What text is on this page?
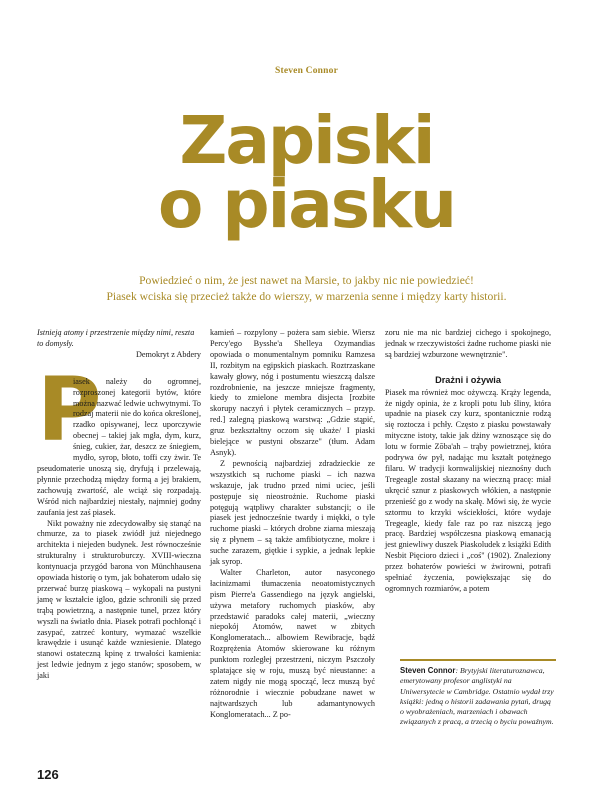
Steven Connor
Zapiski
o piasku
Powiedzieć o nim, że jest nawet na Marsie, to jakby nic nie powiedzieć!
Piasek wciska się przecież także do wierszy, w marzenia senne i między karty historii.

Istnieją atomy i przestrzenie między nimi, reszta to domysły.

Demokryt z Abdery

P
iasek należy do ogromnej, rozproszonej kategorii bytów, które można nazwać ledwie uchwytnymi. To rodzaj materii nie do końca określonej, rzadko opisywanej, lecz uporczywie obecnej – takiej jak mgła, dym, kurz, śnieg, cukier, żar, deszcz ze śniegiem, mydło, syrop, błoto, toffi czy żwir. Te pseudomaterie unoszą się, dryfują i przelewają, płynnie przechodzą między formą a jej brakiem, zachowują zwartość, ale wciąż się rozpadają. Wśród nich najbardziej niestały, najmniej godny zaufania jest zaś piasek.

Nikt poważny nie zdecydowałby się stanąć na chmurze, za to piasek zwiódł już niejednego architekta i niejeden budynek. Jest równocześnie strukturalny i strukturoburczy. XVIII-wieczna kontynuacja przygód barona von Münchhausena opowiada historię o tym, jak bohaterom udało się przerwać burzę piaskową – wykopali na pustyni jamę w kształcie igloo, gdzie schronili się przed trąbą powietrzną, a następnie tunel, przez który wyszli na światło dnia. Piasek potrafi pochłonąć i zasypać, zatrzeć kontury, wymazać wszelkie krawędzie i usunąć każde wzniesienie. Dlatego stanowi ostateczną kpinę z trwałości kamienia: jest ledwie jednym z jego stanów; sposobem, w jaki

kamień – rozpylony – pożera sam siebie. Wiersz Percy'ego Bysshe'a Shelleya Ozymandias opowiada o monumentalnym pomniku Ramzesa II, rozbitym na egipskich piaskach. Roztrzaskane kawały głowy, nóg i postumentu wieszczą dalsze rozdrobnienie, na jeszcze mniejsze fragmenty, kiedy to zmielone membra disjecta [rozbite skorupy naczyń i płytek ceramicznych – przyp. red.] zalegną piaskową warstwą: „Gdzie stąpić, gruz bezkształtny oczom się ukaże/ I piaski bielejące w pustyni obszarze" (tłum. Adam Asnyk).

Z pewnością najbardziej zdradzieckie ze wszystkich są ruchome piaski – ich nazwa wskazuje, jak trudno przed nimi uciec, jeśli postępuje się nieostrożnie. Ruchome piaski potęgują wątpliwy charakter substancji; o ile piasek jest jednocześnie twardy i miękki, o tyle ruchome piaski – których drobne ziarna mieszają się z płynem – są także amfibiotyczne, mokre i suche zarazem, giętkie i sypkie, a jednak lepkie jak syrop.

Walter Charleton, autor nasyconego łacinizmami tłumaczenia neoatomistycznych pism Pierre'a Gassendiego na język angielski, używa metafory ruchomych piasków, aby przedstawić paradoks całej materii, „wieczny niepokój Atomów, nawet w zbitych Konglomeratach... albowiem Rewibracje, bądź Rozprężenia Atomów skierowane ku różnym punktom rozległej przestrzeni, niczym Pszczoły splatające się w roju, muszą być nieustanne: a zatem nigdy nie mogą spocząć, lecz muszą być różnorodnie i wiecznie pobudzane nawet w najtwardszych lub adamantynowych Konglomeratach... Z po-

zoru nie ma nic bardziej cichego i spokojnego, jednak w rzeczywistości żadne ruchome piaski nie są bardziej wzburzone wewnętrznie".

Drażni i ożywia

Piasek ma również moc ożywczą. Krąży legenda, że nigdy opinia, że z kropli potu lub śliny, która upadnie na piasek czy kurz, spontanicznie rodzą się roztocza i pchły. Często z piasku powstawały mityczne istoty, takie jak dżiny wznoszące się do lotu w formie Zōba'ah – trąby powietrznej, która podrywa ów pył, nadając mu kształt potężnego filaru. W tradycji kornwalijskiej nieznośny duch Tregeagle został skazany na wieczną pracę: miał ukręcić sznur z piaskowych włókien, a następnie przenieść go z wody na skałę. Mówi się, że wycie sztormu to krzyki wściekłości, które wydaje Tregeagle, kiedy fale raz po raz niszczą jego pracę. Bardziej współczesna piaskową emanacją jest gniewliwy duszek Piaskoludek z książki Edith Nesbit Pięcioro dzieci i „coś" (1902). Znaleziony przez bohaterów powieści w żwirowni, potrafi spełniać życzenia, powiększając się do ogromnych rozmiarów, a potem

Steven Connor: Brytyjski literaturoznawca, emerytowany profesor anglistyki na Uniwersytecie w Cambridge. Ostatnio wydał trzy książki: jedną o historii zadawania pytań, drugą o wyobrażeniach, marzeniach i obawach związanych z pracą, a trzecią o byciu powaźnym.
126
